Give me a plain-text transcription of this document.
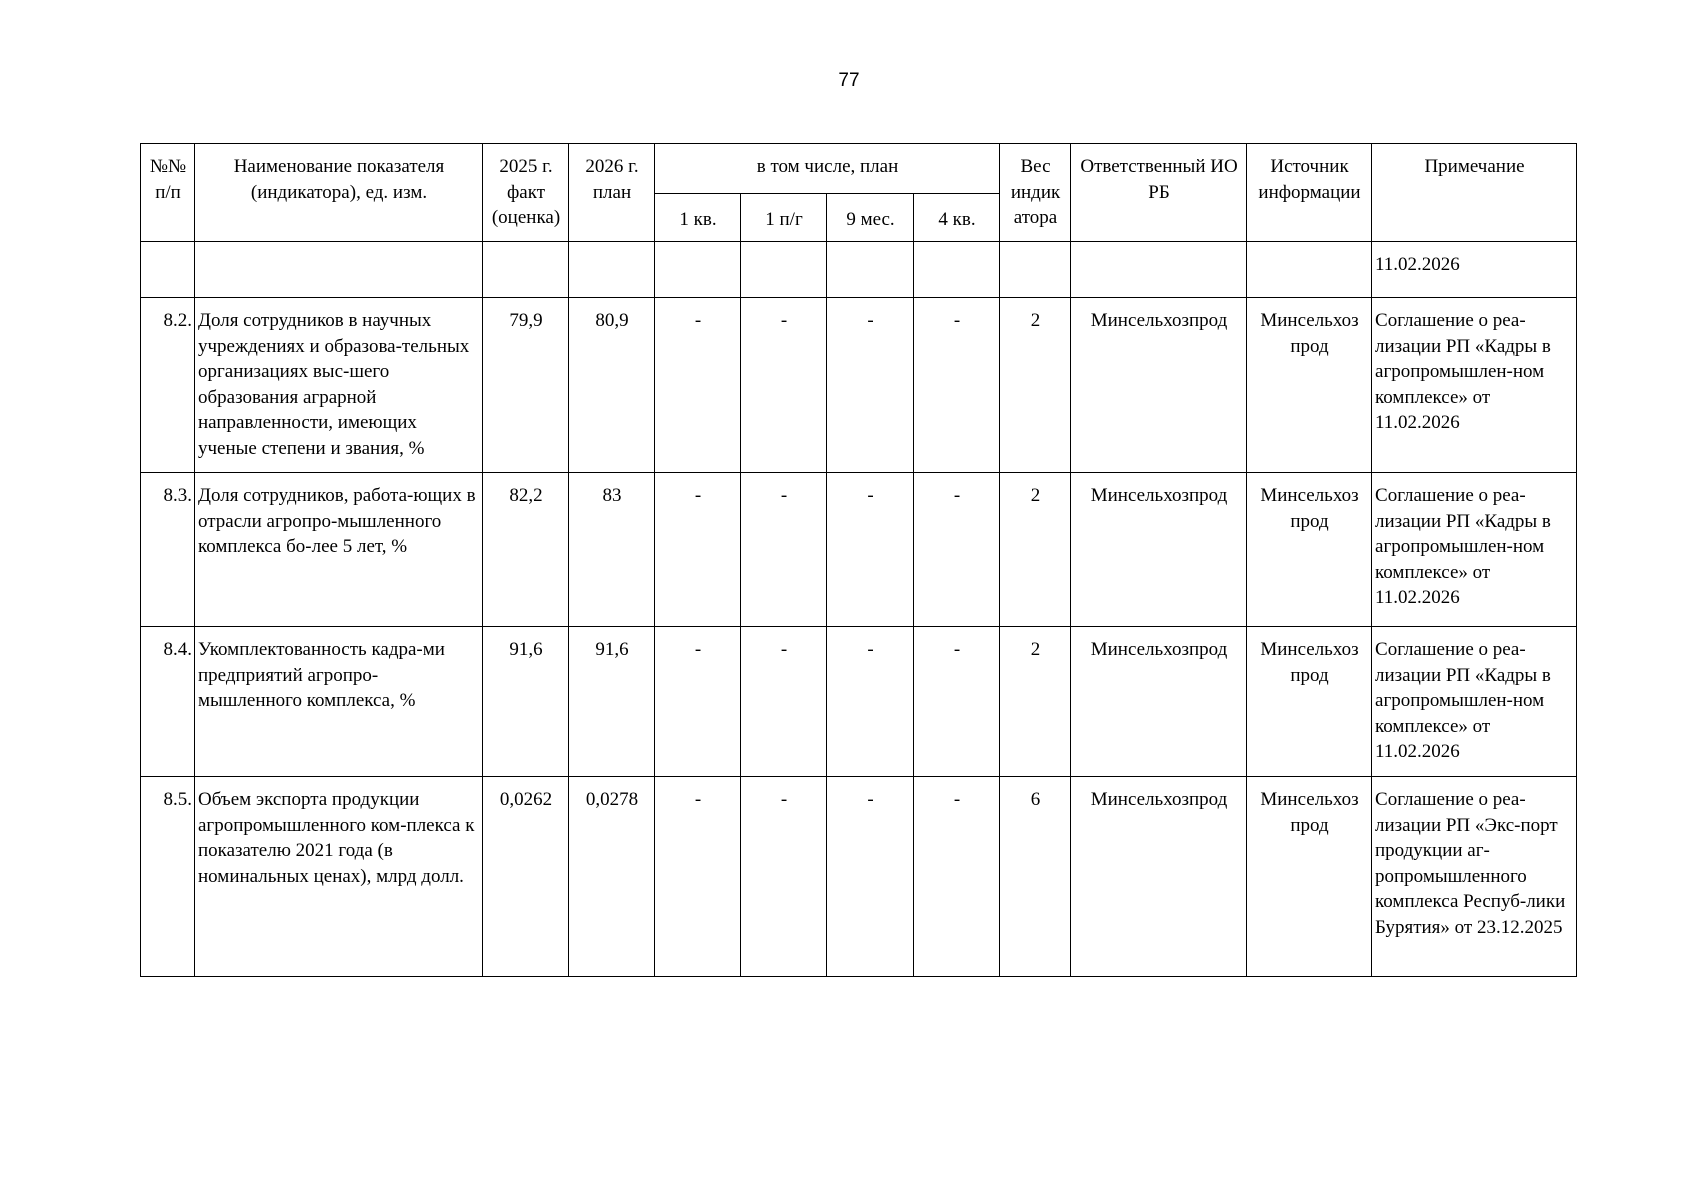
77
№№ п/п	Наименование показателя (индикатора), ед. изм.	2025 г. факт (оценка)	2026 г. план	в том числе, план				Вес индик атора	Ответственный ИО РБ	Источник информации	Примечание
				1 кв.	1 п/г	9 мес.	4 кв.				
											11.02.2026
8.2.	Доля сотрудников в научных учреждениях и образова-тельных организациях выс-шего образования аграрной направленности, имеющих ученые степени и звания, %	79,9	80,9	-	-	-	-	2	Минсельхозпрод	Минсельхоз прод	Соглашение о реа-лизации РП «Кадры в агропромышлен-ном комплексе» от 11.02.2026
8.3.	Доля сотрудников, работа-ющих в отрасли агропро-мышленного комплекса бо-лее 5 лет, %	82,2	83	-	-	-	-	2	Минсельхозпрод	Минсельхоз прод	Соглашение о реа-лизации РП «Кадры в агропромышлен-ном комплексе» от 11.02.2026
8.4.	Укомплектованность кадра-ми предприятий агропро-мышленного комплекса, %	91,6	91,6	-	-	-	-	2	Минсельхозпрод	Минсельхоз прод	Соглашение о реа-лизации РП «Кадры в агропромышлен-ном комплексе» от 11.02.2026
8.5.	Объем экспорта продукции агропромышленного ком-плекса к показателю 2021 года (в номинальных ценах), млрд долл.	0,0262	0,0278	-	-	-	-	6	Минсельхозпрод	Минсельхоз прод	Соглашение о реа-лизации РП «Экс-порт продукции аг-ропромышленного комплекса Респуб-лики Бурятия» от 23.12.2025
